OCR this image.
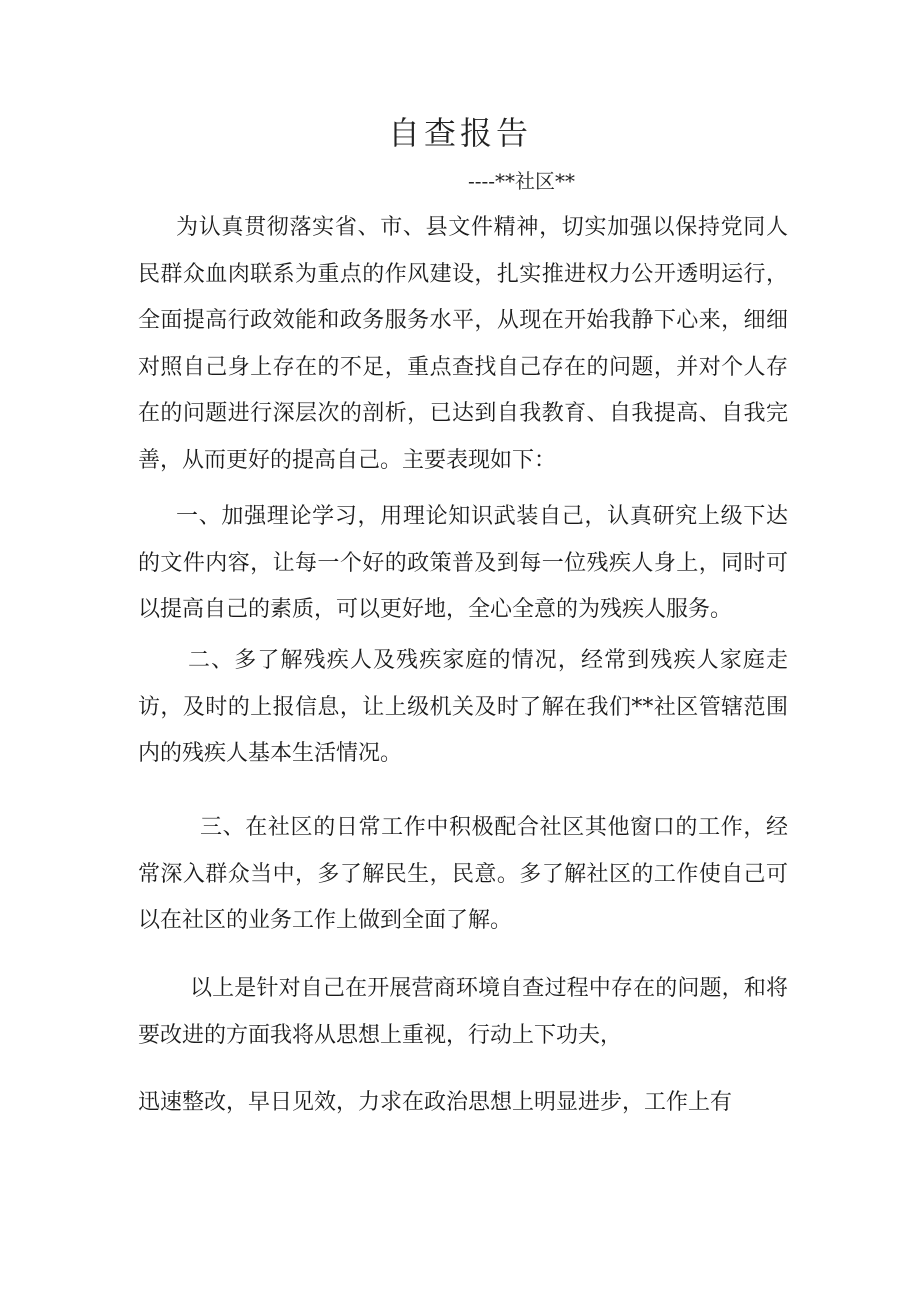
自查报告
----**社区**

为认真贯彻落实省、市、县文件精神，切实加强以保持党同人民群众血肉联系为重点的作风建设，扎实推进权力公开透明运行，全面提高行政效能和政务服务水平，从现在开始我静下心来，细细对照自己身上存在的不足，重点查找自己存在的问题，并对个人存在的问题进行深层次的剖析，已达到自我教育、自我提高、自我完善，从而更好的提高自己。主要表现如下：

一、加强理论学习，用理论知识武装自己，认真研究上级下达的文件内容，让每一个好的政策普及到每一位残疾人身上，同时可以提高自己的素质，可以更好地，全心全意的为残疾人服务。

二、多了解残疾人及残疾家庭的情况，经常到残疾人家庭走访，及时的上报信息，让上级机关及时了解在我们**社区管辖范围内的残疾人基本生活情况。

三、在社区的日常工作中积极配合社区其他窗口的工作，经常深入群众当中，多了解民生，民意。多了解社区的工作使自己可以在社区的业务工作上做到全面了解。

以上是针对自己在开展营商环境自查过程中存在的问题，和将要改进的方面我将从思想上重视，行动上下功夫，

迅速整改，早日见效，力求在政治思想上明显进步，工作上有
